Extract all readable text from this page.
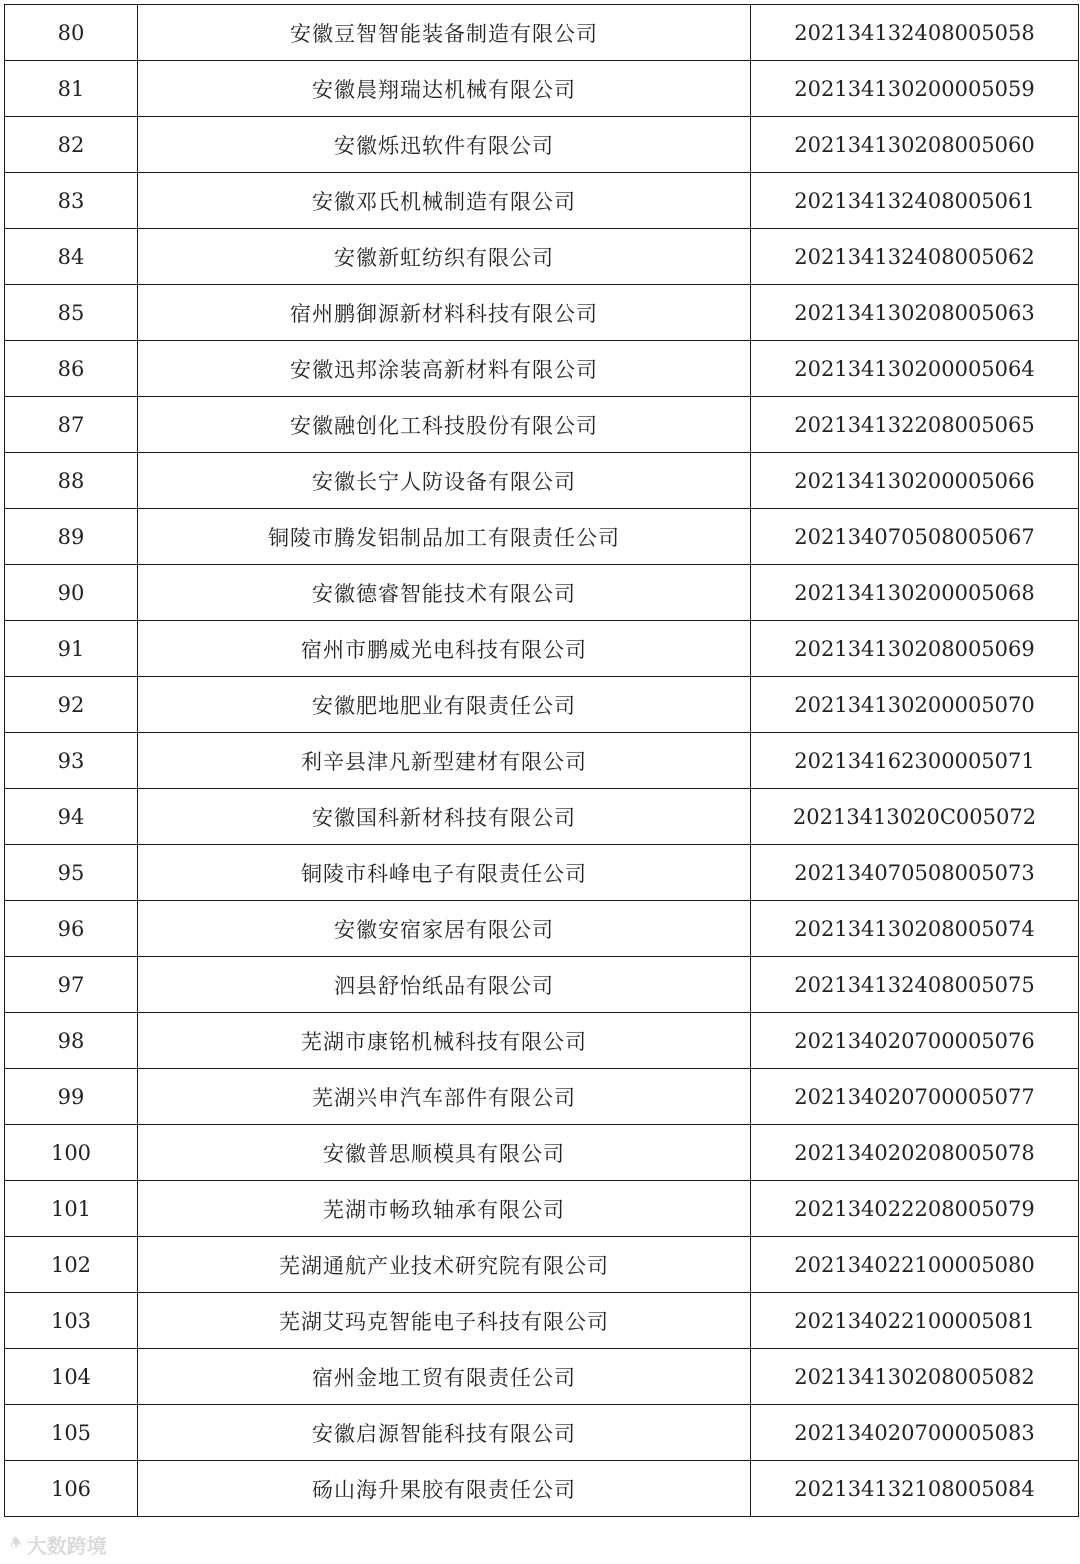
80	安徽豆智智能装备制造有限公司	202134132408005058
81	安徽晨翔瑞达机械有限公司	202134130200005059
82	安徽烁迅软件有限公司	202134130208005060
83	安徽邓氏机械制造有限公司	202134132408005061
84	安徽新虹纺织有限公司	202134132408005062
85	宿州鹏御源新材料科技有限公司	202134130208005063
86	安徽迅邦涂装高新材料有限公司	202134130200005064
87	安徽融创化工科技股份有限公司	202134132208005065
88	安徽长宁人防设备有限公司	202134130200005066
89	铜陵市腾发铝制品加工有限责任公司	202134070508005067
90	安徽德睿智能技术有限公司	202134130200005068
91	宿州市鹏威光电科技有限公司	202134130208005069
92	安徽肥地肥业有限责任公司	202134130200005070
93	利辛县津凡新型建材有限公司	202134162300005071
94	安徽国科新材科技有限公司	20213413020C005072
95	铜陵市科峰电子有限责任公司	202134070508005073
96	安徽安宿家居有限公司	202134130208005074
97	泗县舒怡纸品有限公司	202134132408005075
98	芜湖市康铭机械科技有限公司	202134020700005076
99	芜湖兴申汽车部件有限公司	202134020700005077
100	安徽普思顺模具有限公司	202134020208005078
101	芜湖市畅玖轴承有限公司	202134022208005079
102	芜湖通航产业技术研究院有限公司	202134022100005080
103	芜湖艾玛克智能电子科技有限公司	202134022100005081
104	宿州金地工贸有限责任公司	202134130208005082
105	安徽启源智能科技有限公司	202134020700005083
106	砀山海升果胶有限责任公司	202134132108005084
🕭 大数跨境
